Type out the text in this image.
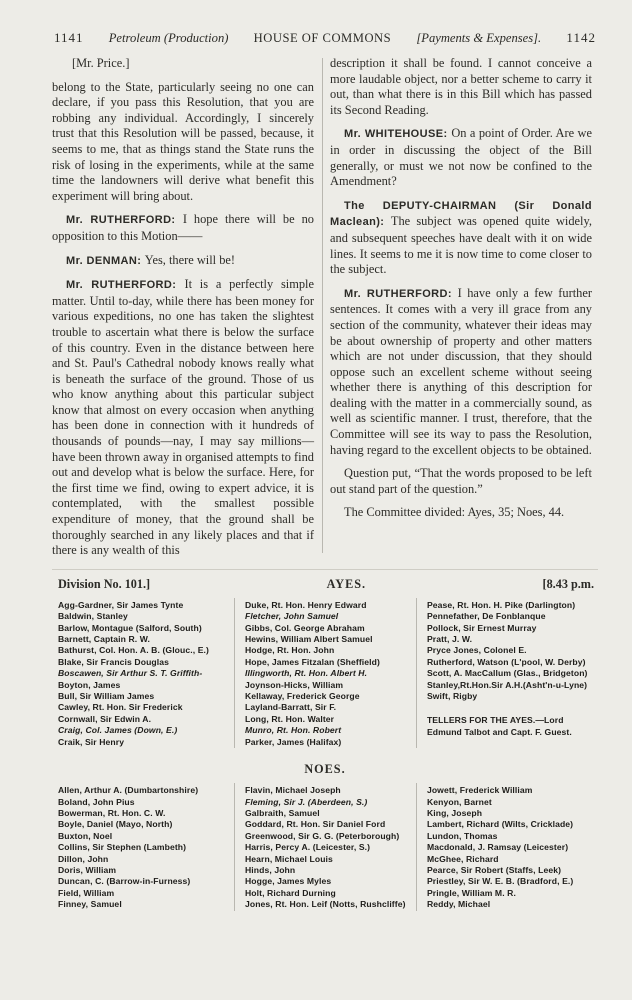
1141 Petroleum (Production) HOUSE OF COMMONS [Payments & Expenses]. 1142

[Mr. Price.]

belong to the State, particularly seeing no one can declare, if you pass this Resolution, that you are robbing any individual. Accordingly, I sincerely trust that this Resolution will be passed, because, it seems to me, that as things stand the State runs the risk of losing in the experiments, while at the same time the landowners will derive what benefit this experiment will bring about.

Mr. RUTHERFORD: I hope there will be no opposition to this Motion——

Mr. DENMAN: Yes, there will be!

Mr. RUTHERFORD: It is a perfectly simple matter. Until to-day, while there has been money for various expeditions, no one has taken the slightest trouble to ascertain what there is below the surface of this country. Even in the distance between here and St. Paul's Cathedral nobody knows really what is beneath the surface of the ground. Those of us who know anything about this particular subject know that almost on every occasion when anything has been done in connection with it hundreds of thousands of pounds—nay, I may say millions—have been thrown away in organised attempts to find out and develop what is below the surface. Here, for the first time we find, owing to expert advice, it is contemplated, with the smallest possible expenditure of money, that the ground shall be thoroughly searched in any likely places and that if there is any wealth of this

description it shall be found. I cannot conceive a more laudable object, nor a better scheme to carry it out, than what there is in this Bill which has passed its Second Reading.

Mr. WHITEHOUSE: On a point of Order. Are we in order in discussing the object of the Bill generally, or must we not now be confined to the Amendment?

The DEPUTY-CHAIRMAN (Sir Donald Maclean): The subject was opened quite widely, and subsequent speeches have dealt with it on wide lines. It seems to me it is now time to come closer to the subject.

Mr. RUTHERFORD: I have only a few further sentences. It comes with a very ill grace from any section of the community, whatever their ideas may be about ownership of property and other matters which are not under discussion, that they should oppose such an excellent scheme without seeing whether there is anything of this description for dealing with the matter in a commercially sound, as well as scientific manner. I trust, therefore, that the Committee will see its way to pass the Resolution, having regard to the excellent objects to be obtained.

Question put, “That the words proposed to be left out stand part of the question.”

The Committee divided: Ayes, 35; Noes, 44.

Division No. 101.]	AYES.	[8.43 p.m.
Agg-Gardner, Sir James Tynte
Baldwin, Stanley
Barlow, Montague (Salford, South)
Barnett, Captain R. W.
Bathurst, Col. Hon. A. B. (Glouc., E.)
Blake, Sir Francis Douglas
Boscawen, Sir Arthur S. T. Griffith-
Boyton, James
Bull, Sir William James
Cawley, Rt. Hon. Sir Frederick
Cornwall, Sir Edwin A.
Craig, Col. James (Down, E.)
Craik, Sir Henry
Duke, Rt. Hon. Henry Edward
Fletcher, John Samuel
Gibbs, Col. George Abraham
Hewins, William Albert Samuel
Hodge, Rt. Hon. John
Hope, James Fitzalan (Sheffield)
Illingworth, Rt. Hon. Albert H.
Joynson-Hicks, William
Kellaway, Frederick George
Layland-Barratt, Sir F.
Long, Rt. Hon. Walter
Munro, Rt. Hon. Robert
Parker, James (Halifax)
Pease, Rt. Hon. H. Pike (Darlington)
Pennefather, De Fonblanque
Pollock, Sir Ernest Murray
Pratt, J. W.
Pryce Jones, Colonel E.
Rutherford, Watson (L'pool, W. Derby)
Scott, A. MacCallum (Glas., Bridgeton)
Stanley,Rt.Hon.Sir A.H.(Asht'n-u-Lyne)
Swift, Rigby
TELLERS FOR THE AYES.—Lord Edmund Talbot and Capt. F. Guest.
NOES.
Allen, Arthur A. (Dumbartonshire)
Boland, John Pius
Bowerman, Rt. Hon. C. W.
Boyle, Daniel (Mayo, North)
Buxton, Noel
Collins, Sir Stephen (Lambeth)
Dillon, John
Doris, William
Duncan, C. (Barrow-in-Furness)
Field, William
Finney, Samuel
Flavin, Michael Joseph
Fleming, Sir J. (Aberdeen, S.)
Galbraith, Samuel
Goddard, Rt. Hon. Sir Daniel Ford
Greenwood, Sir G. G. (Peterborough)
Harris, Percy A. (Leicester, S.)
Hearn, Michael Louis
Hinds, John
Hogge, James Myles
Holt, Richard Durning
Jones, Rt. Hon. Leif (Notts, Rushcliffe)
Jowett, Frederick William
Kenyon, Barnet
King, Joseph
Lambert, Richard (Wilts, Cricklade)
Lundon, Thomas
Macdonald, J. Ramsay (Leicester)
McGhee, Richard
Pearce, Sir Robert (Staffs, Leek)
Priestley, Sir W. E. B. (Bradford, E.)
Pringle, William M. R.
Reddy, Michael
